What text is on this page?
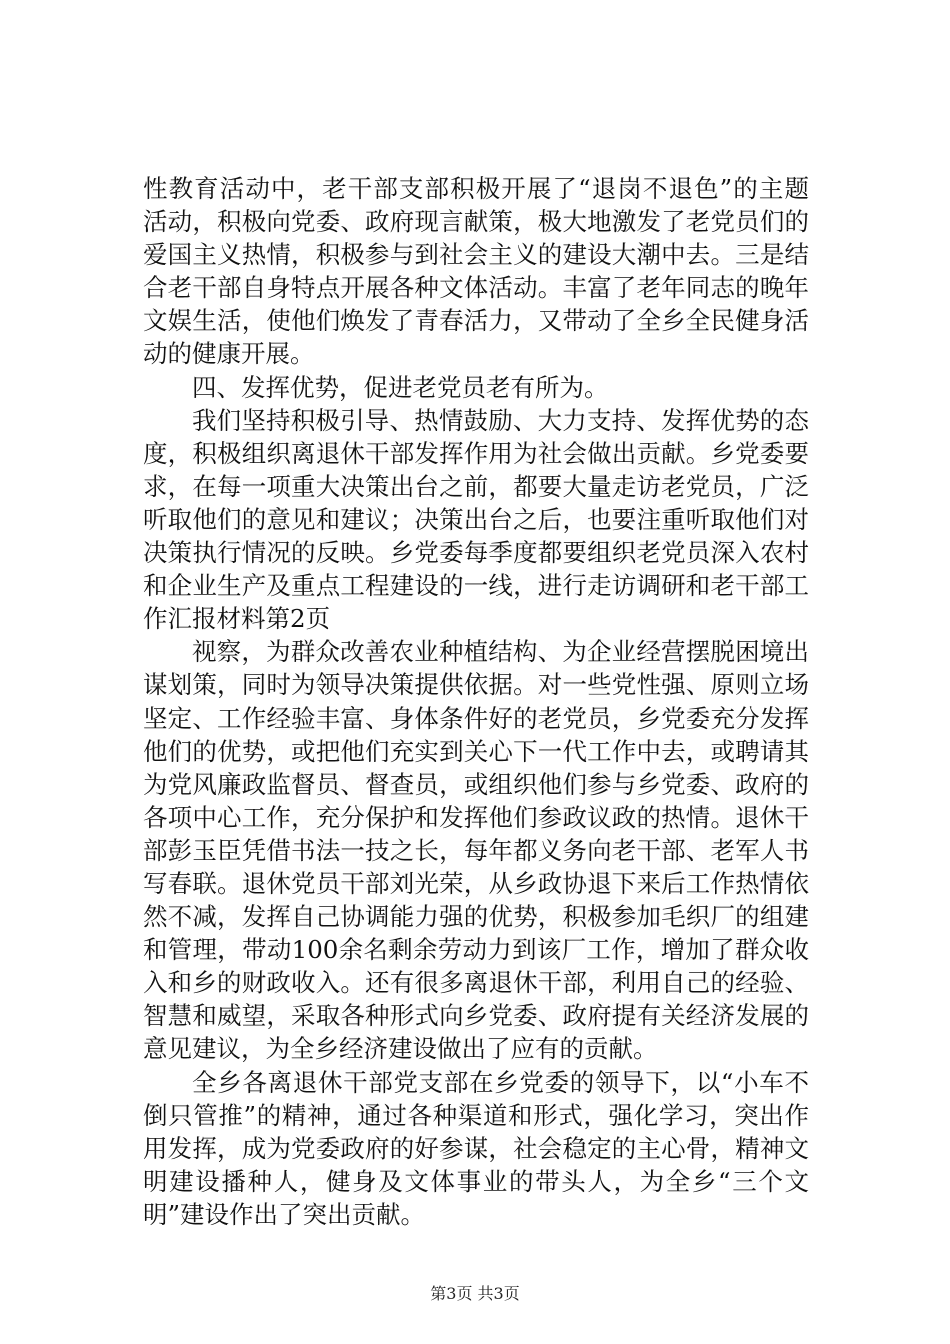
性教育活动中，老干部支部积极开展了“退岗不退色”的主题
活动，积极向党委、政府现言献策，极大地激发了老党员们的
爱国主义热情，积极参与到社会主义的建设大潮中去。三是结
合老干部自身特点开展各种文体活动。丰富了老年同志的晚年
文娱生活，使他们焕发了青春活力，又带动了全乡全民健身活
动的健康开展。
四、发挥优势，促进老党员老有所为。
我们坚持积极引导、热情鼓励、大力支持、发挥优势的态
度，积极组织离退休干部发挥作用为社会做出贡献。乡党委要
求，在每一项重大决策出台之前，都要大量走访老党员，广泛
听取他们的意见和建议；决策出台之后，也要注重听取他们对
决策执行情况的反映。乡党委每季度都要组织老党员深入农村
和企业生产及重点工程建设的一线，进行走访调研和老干部工
作汇报材料第2页
视察，为群众改善农业种植结构、为企业经营摆脱困境出
谋划策，同时为领导决策提供依据。对一些党性强、原则立场
坚定、工作经验丰富、身体条件好的老党员，乡党委充分发挥
他们的优势，或把他们充实到关心下一代工作中去，或聘请其
为党风廉政监督员、督查员，或组织他们参与乡党委、政府的
各项中心工作，充分保护和发挥他们参政议政的热情。退休干
部彭玉臣凭借书法一技之长，每年都义务向老干部、老军人书
写春联。退休党员干部刘光荣，从乡政协退下来后工作热情依
然不减，发挥自己协调能力强的优势，积极参加毛织厂的组建
和管理，带动100余名剩余劳动力到该厂工作，增加了群众收
入和乡的财政收入。还有很多离退休干部，利用自己的经验、
智慧和威望，采取各种形式向乡党委、政府提有关经济发展的
意见建议，为全乡经济建设做出了应有的贡献。
全乡各离退休干部党支部在乡党委的领导下，以“小车不
倒只管推”的精神，通过各种渠道和形式，强化学习，突出作
用发挥，成为党委政府的好参谋，社会稳定的主心骨，精神文
明建设播种人，健身及文体事业的带头人，为全乡“三个文
明”建设作出了突出贡献。
第3页 共3页
